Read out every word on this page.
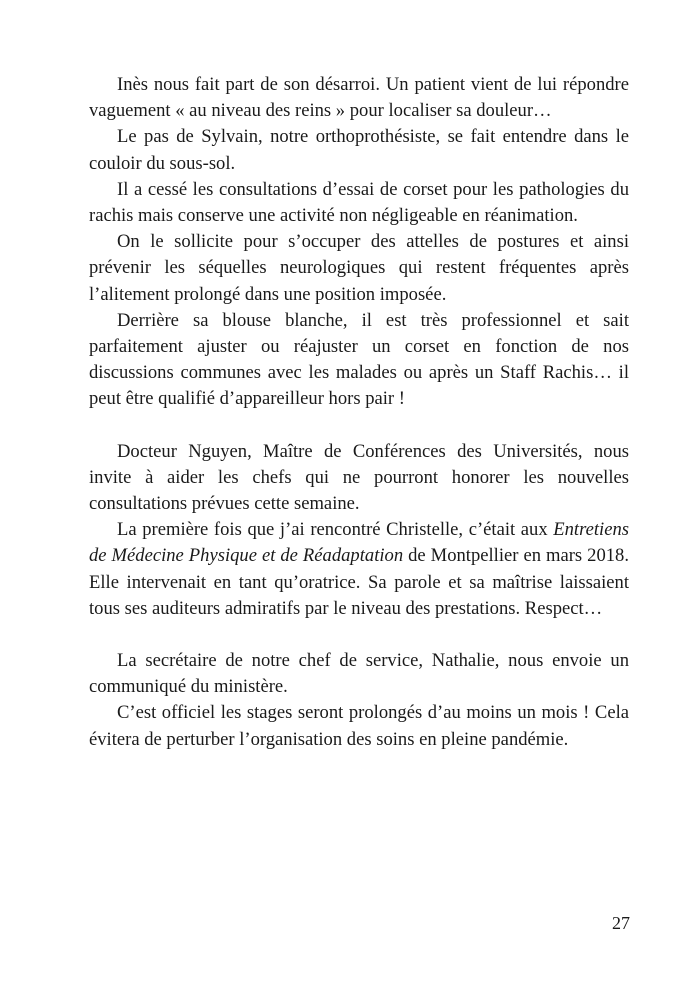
Inès nous fait part de son désarroi. Un patient vient de lui répondre vaguement « au niveau des reins » pour localiser sa douleur…

Le pas de Sylvain, notre orthoprothésiste, se fait entendre dans le couloir du sous-sol.

Il a cessé les consultations d’essai de corset pour les pathologies du rachis mais conserve une activité non négligeable en réanimation.

On le sollicite pour s’occuper des attelles de postures et ainsi prévenir les séquelles neurologiques qui restent fréquentes après l’alitement prolongé dans une position imposée.

Derrière sa blouse blanche, il est très professionnel et sait parfaitement ajuster ou réajuster un corset en fonction de nos discussions communes avec les malades ou après un Staff Rachis… il peut être qualifié d’appareilleur hors pair !

Docteur Nguyen, Maître de Conférences des Universités, nous invite à aider les chefs qui ne pourront honorer les nouvelles consultations prévues cette semaine.

La première fois que j’ai rencontré Christelle, c’était aux Entretiens de Médecine Physique et de Réadaptation de Montpellier en mars 2018. Elle intervenait en tant qu’oratrice. Sa parole et sa maîtrise laissaient tous ses auditeurs admiratifs par le niveau des prestations. Respect…

La secrétaire de notre chef de service, Nathalie, nous envoie un communiqué du ministère.

C’est officiel les stages seront prolongés d’au moins un mois ! Cela évitera de perturber l’organisation des soins en pleine pandémie.

27
